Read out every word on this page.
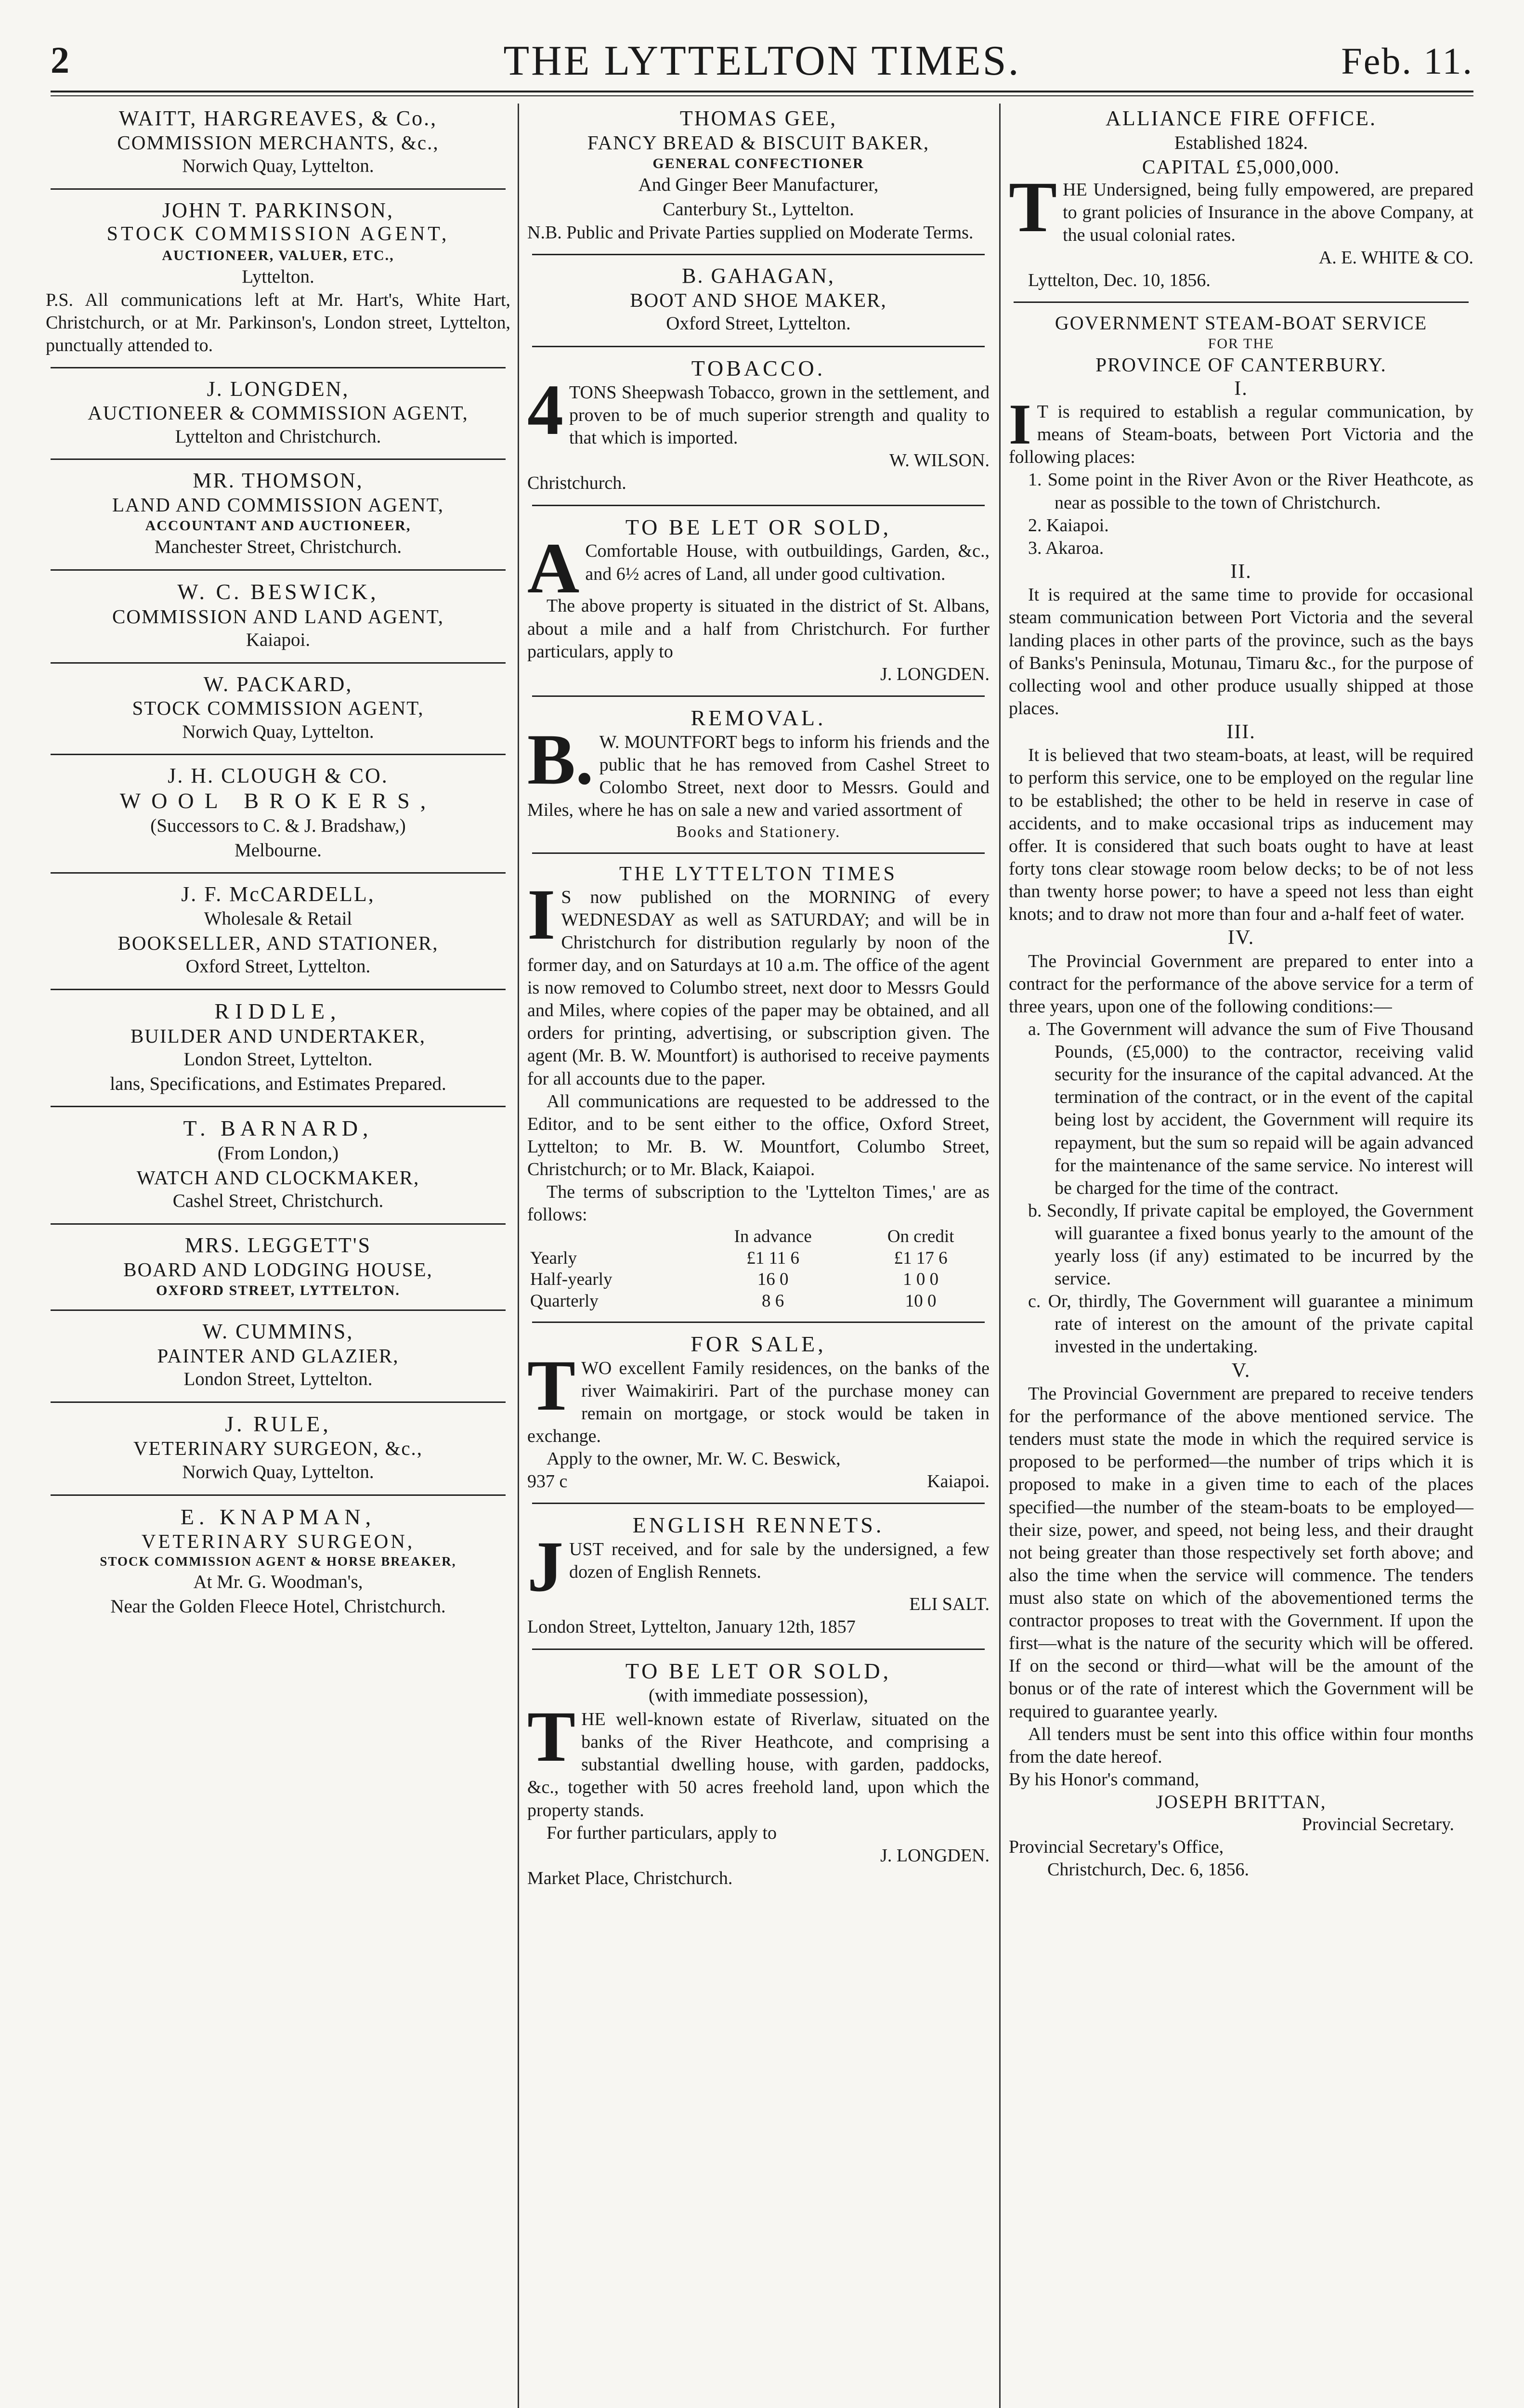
2	THE LYTTELTON TIMES.	Feb. 11.
WAITT, HARGREAVES, & Co.,
COMMISSION MERCHANTS, &c.,
Norwich Quay, Lyttelton.
JOHN T. PARKINSON,
STOCK COMMISSION AGENT,
AUCTIONEER, VALUER, ETC.,
Lyttelton.
P.S. All communications left at Mr. Hart's, White Hart, Christchurch, or at Mr. Parkinson's, London street, Lyttelton, punctually attended to.
J. LONGDEN,
AUCTIONEER & COMMISSION AGENT,
Lyttelton and Christchurch.
MR. THOMSON,
LAND AND COMMISSION AGENT,
ACCOUNTANT AND AUCTIONEER,
Manchester Street, Christchurch.
W. C. BESWICK,
COMMISSION AND LAND AGENT,
Kaiapoi.
W. PACKARD,
STOCK COMMISSION AGENT,
Norwich Quay, Lyttelton.
J. H. CLOUGH & CO.
WOOL BROKERS,
(Successors to C. & J. Bradshaw,)
Melbourne.
J. F. McCARDELL,
Wholesale & Retail
BOOKSELLER, AND STATIONER,
Oxford Street, Lyttelton.
RIDDLE,
BUILDER AND UNDERTAKER,
London Street, Lyttelton.
lans, Specifications, and Estimates Prepared.
T. BARNARD,
(From London,)
WATCH AND CLOCKMAKER,
Cashel Street, Christchurch.
MRS. LEGGETT'S
BOARD AND LODGING HOUSE,
OXFORD STREET, LYTTELTON.
W. CUMMINS,
PAINTER AND GLAZIER,
London Street, Lyttelton.
J. RULE,
VETERINARY SURGEON, &c.,
Norwich Quay, Lyttelton.
E. KNAPMAN,
VETERINARY SURGEON,
STOCK COMMISSION AGENT & HORSE BREAKER,
At Mr. G. Woodman's,
Near the Golden Fleece Hotel, Christchurch.
THOMAS GEE,
FANCY BREAD & BISCUIT BAKER,
GENERAL CONFECTIONER
And Ginger Beer Manufacturer,
Canterbury St., Lyttelton.
N.B. Public and Private Parties supplied on Moderate Terms.
B. GAHAGAN,
BOOT AND SHOE MAKER,
Oxford Street, Lyttelton.
TOBACCO.
4 TONS Sheepwash Tobacco, grown in the settlement, and proven to be of much superior strength and quality to that which is imported.
W. WILSON.
Christchurch.
TO BE LET OR SOLD,
A Comfortable House, with outbuildings, Garden, &c., and 6½ acres of Land, all under good cultivation.
The above property is situated in the district of St. Albans, about a mile and a half from Christchurch. For further particulars, apply to
J. LONGDEN.
REMOVAL.
B. W. MOUNTFORT begs to inform his friends and the public that he has removed from Cashel Street to Colombo Street, next door to Messrs. Gould and Miles, where he has on sale a new and varied assortment of
Books and Stationery.
THE LYTTELTON TIMES
I S now published on the MORNING of every WEDNESDAY as well as SATURDAY; and will be in Christchurch for distribution regularly by noon of the former day, and on Saturdays at 10 a.m. The office of the agent is now removed to Columbo street, next door to Messrs Gould and Miles, where copies of the paper may be obtained, and all orders for printing, advertising, or subscription given. The agent (Mr. B. W. Mountfort) is authorised to receive payments for all accounts due to the paper.
All communications are requested to be addressed to the Editor, and to be sent either to the office, Oxford Street, Lyttelton; to Mr. B. W. Mountfort, Columbo Street, Christchurch; or to Mr. Black, Kaiapoi.
The terms of subscription to the 'Lyttelton Times,' are as follows:
	In advance	On credit
Yearly	£1 11 6	£1 17 6
Half-yearly	16 0	1 0 0
Quarterly	8 6	10 0
FOR SALE,
T WO excellent Family residences, on the banks of the river Waimakiriri. Part of the purchase money can remain on mortgage, or stock would be taken in exchange.
Apply to the owner, Mr. W. C. Beswick,
937 c	Kaiapoi.
ENGLISH RENNETS.
J UST received, and for sale by the undersigned, a few dozen of English Rennets.
ELI SALT.
London Street, Lyttelton, January 12th, 1857
TO BE LET OR SOLD,
(with immediate possession),
T HE well-known estate of Riverlaw, situated on the banks of the River Heathcote, and comprising a substantial dwelling house, with garden, paddocks, &c., together with 50 acres freehold land, upon which the property stands.
For further particulars, apply to
J. LONGDEN.
Market Place, Christchurch.
ALLIANCE FIRE OFFICE.
Established 1824.
CAPITAL £5,000,000.
T HE Undersigned, being fully empowered, are prepared to grant policies of Insurance in the above Company, at the usual colonial rates.
A. E. WHITE & CO.
Lyttelton, Dec. 10, 1856.
GOVERNMENT STEAM-BOAT SERVICE
FOR THE
PROVINCE OF CANTERBURY.
I.
I T is required to establish a regular communication, by means of Steam-boats, between Port Victoria and the following places:
1. Some point in the River Avon or the River Heathcote, as near as possible to the town of Christchurch.
2. Kaiapoi.
3. Akaroa.
II.
It is required at the same time to provide for occasional steam communication between Port Victoria and the several landing places in other parts of the province, such as the bays of Banks's Peninsula, Motunau, Timaru &c., for the purpose of collecting wool and other produce usually shipped at those places.
III.
It is believed that two steam-boats, at least, will be required to perform this service, one to be employed on the regular line to be established; the other to be held in reserve in case of accidents, and to make occasional trips as inducement may offer. It is considered that such boats ought to have at least forty tons clear stowage room below decks; to be of not less than twenty horse power; to have a speed not less than eight knots; and to draw not more than four and a-half feet of water.
IV.
The Provincial Government are prepared to enter into a contract for the performance of the above service for a term of three years, upon one of the following conditions:—
a. The Government will advance the sum of Five Thousand Pounds, (£5,000) to the contractor, receiving valid security for the insurance of the capital advanced. At the termination of the contract, or in the event of the capital being lost by accident, the Government will require its repayment, but the sum so repaid will be again advanced for the maintenance of the same service. No interest will be charged for the time of the contract.
b. Secondly, If private capital be employed, the Government will guarantee a fixed bonus yearly to the amount of the yearly loss (if any) estimated to be incurred by the service.
c. Or, thirdly, The Government will guarantee a minimum rate of interest on the amount of the private capital invested in the undertaking.
V.
The Provincial Government are prepared to receive tenders for the performance of the above mentioned service. The tenders must state the mode in which the required service is proposed to be performed—the number of trips which it is proposed to make in a given time to each of the places specified—the number of the steam-boats to be employed—their size, power, and speed, not being less, and their draught not being greater than those respectively set forth above; and also the time when the service will commence. The tenders must also state on which of the abovementioned terms the contractor proposes to treat with the Government. If upon the first—what is the nature of the security which will be offered. If on the second or third—what will be the amount of the bonus or of the rate of interest which the Government will be required to guarantee yearly.
All tenders must be sent into this office within four months from the date hereof.
By his Honor's command,
JOSEPH BRITTAN,
Provincial Secretary.
Provincial Secretary's Office,
Christchurch, Dec. 6, 1856.
